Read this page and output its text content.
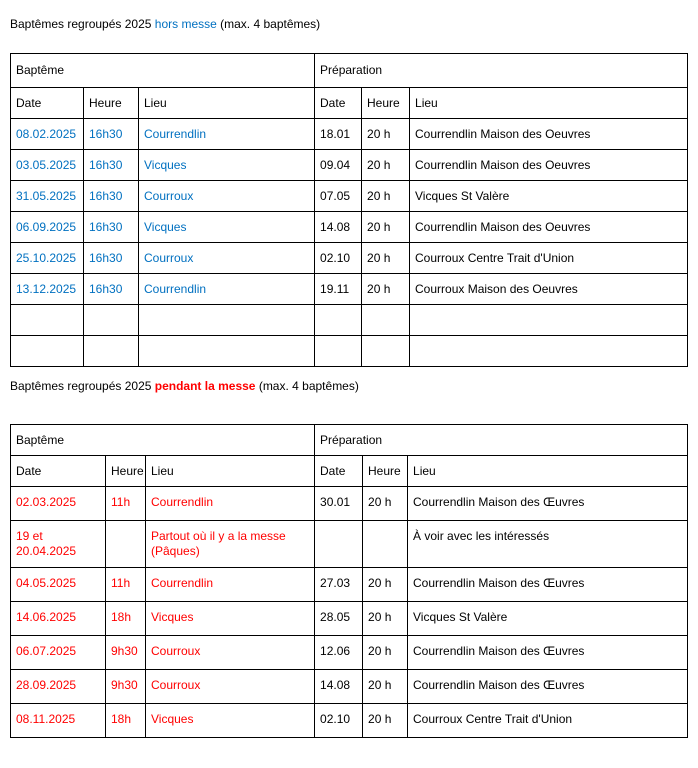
Baptêmes regroupés 2025 hors messe (max. 4 baptêmes)
Baptême			Préparation		
Date	Heure	Lieu	Date	Heure	Lieu
08.02.2025	16h30	Courrendlin	18.01	20 h	Courrendlin Maison des Oeuvres
03.05.2025	16h30	Vicques	09.04	20 h	Courrendlin Maison des Oeuvres
31.05.2025	16h30	Courroux	07.05	20 h	Vicques St Valère
06.09.2025	16h30	Vicques	14.08	20 h	Courrendlin Maison des Oeuvres
25.10.2025	16h30	Courroux	02.10	20 h	Courroux Centre Trait d'Union
13.12.2025	16h30	Courrendlin	19.11	20 h	Courroux Maison des Oeuvres

Baptêmes regroupés 2025 pendant la messe (max. 4 baptêmes)
Baptême			Préparation		
Date	Heure	Lieu	Date	Heure	Lieu
02.03.2025	11h	Courrendlin	30.01	20 h	Courrendlin Maison des Œuvres
19 et 20.04.2025		Partout où il y a la messe (Pâques)			À voir avec les intéressés
04.05.2025	11h	Courrendlin	27.03	20 h	Courrendlin Maison des Œuvres
14.06.2025	18h	Vicques	28.05	20 h	Vicques St Valère
06.07.2025	9h30	Courroux	12.06	20 h	Courrendlin Maison des Œuvres
28.09.2025	9h30	Courroux	14.08	20 h	Courrendlin Maison des Œuvres
08.11.2025	18h	Vicques	02.10	20 h	Courroux Centre Trait d'Union
